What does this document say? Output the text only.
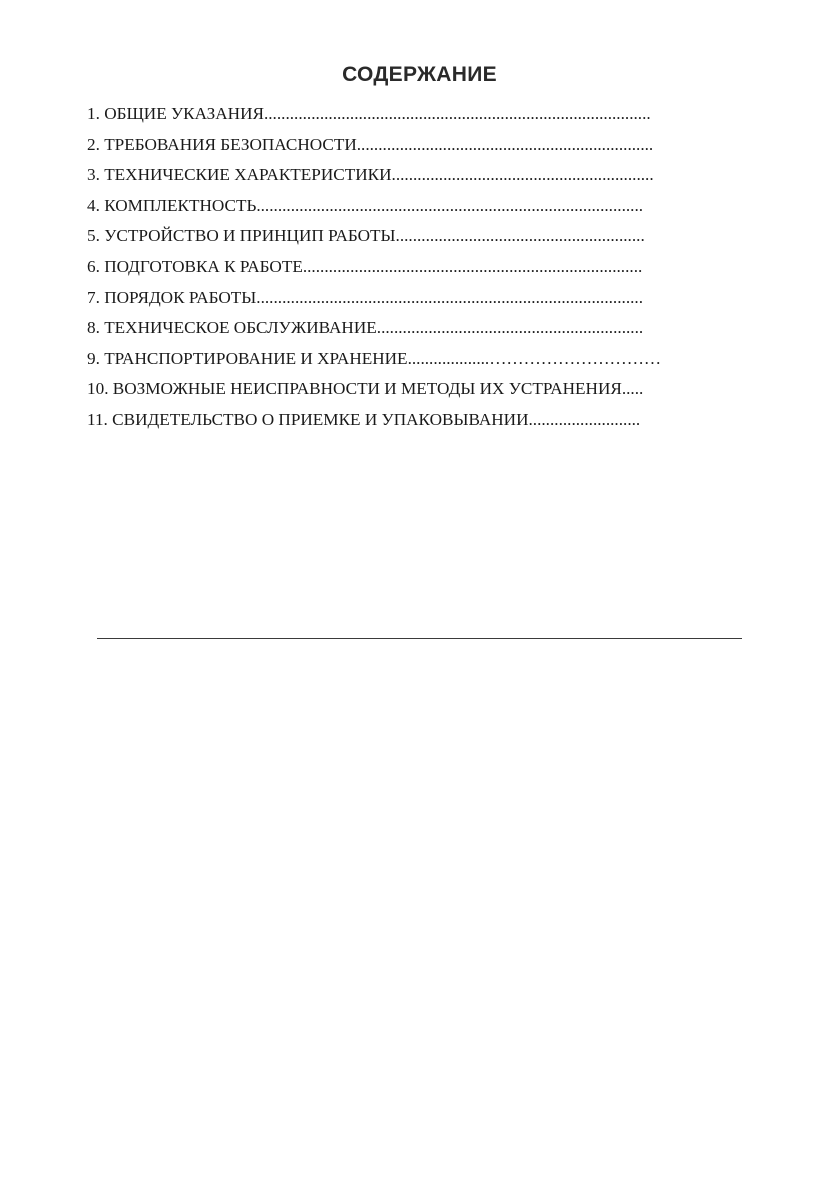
СОДЕРЖАНИЕ
1. ОБЩИЕ УКАЗАНИЯ..........................................................................................
2. ТРЕБОВАНИЯ БЕЗОПАСНОСТИ.....................................................................
3. ТЕХНИЧЕСКИЕ ХАРАКТЕРИСТИКИ.............................................................
4. КОМПЛЕКТНОСТЬ..........................................................................................
5. УСТРОЙСТВО И ПРИНЦИП РАБОТЫ..........................................................
6. ПОДГОТОВКА К РАБОТЕ...............................................................................
7. ПОРЯДОК РАБОТЫ..........................................................................................
8. ТЕХНИЧЕСКОЕ ОБСЛУЖИВАНИЕ..............................................................
9. ТРАНСПОРТИРОВАНИЕ И ХРАНЕНИЕ...................…………………………
10. ВОЗМОЖНЫЕ НЕИСПРАВНОСТИ И МЕТОДЫ ИХ УСТРАНЕНИЯ.....
11. СВИДЕТЕЛЬСТВО О ПРИЕМКЕ И УПАКОВЫВАНИИ..........................
